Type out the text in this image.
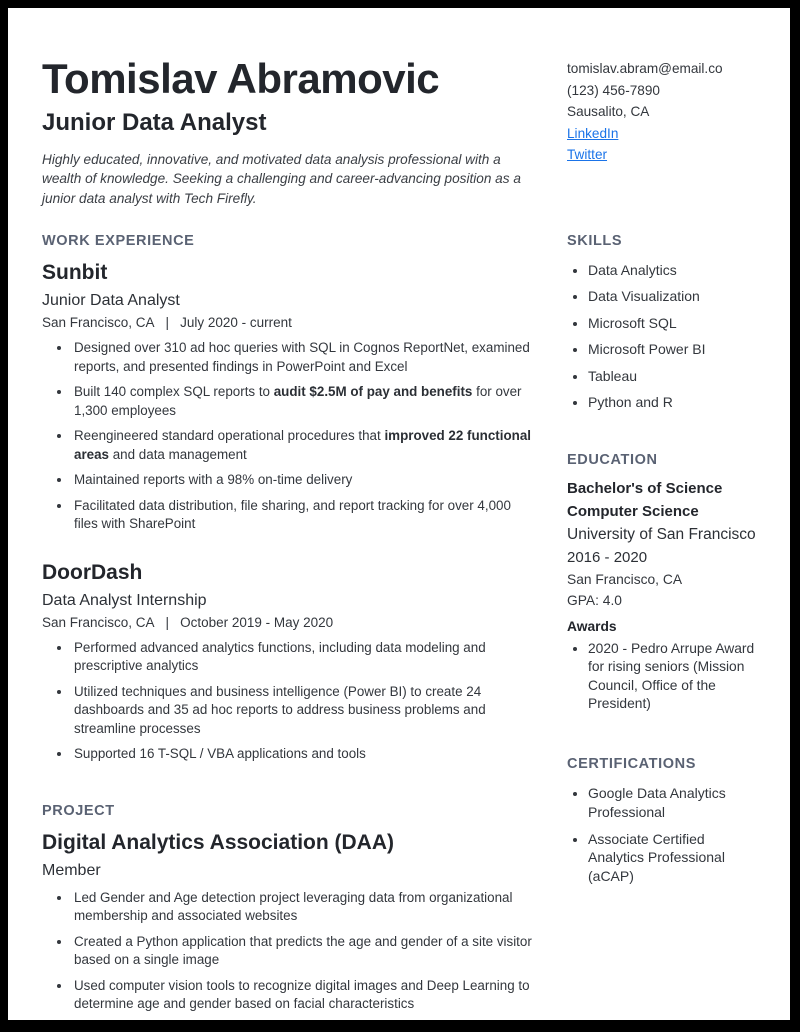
Tomislav Abramovic
Junior Data Analyst

Highly educated, innovative, and motivated data analysis professional with a wealth of knowledge. Seeking a challenging and career-advancing position as a junior data analyst with Tech Firefly.

WORK EXPERIENCE
Sunbit
Junior Data Analyst
San Francisco, CA | July 2020 - current
• Designed over 310 ad hoc queries with SQL in Cognos ReportNet, examined reports, and presented findings in PowerPoint and Excel
• Built 140 complex SQL reports to audit $2.5M of pay and benefits for over 1,300 employees
• Reengineered standard operational procedures that improved 22 functional areas and data management
• Maintained reports with a 98% on-time delivery
• Facilitated data distribution, file sharing, and report tracking for over 4,000 files with SharePoint
DoorDash
Data Analyst Internship
San Francisco, CA | October 2019 - May 2020
• Performed advanced analytics functions, including data modeling and prescriptive analytics
• Utilized techniques and business intelligence (Power BI) to create 24 dashboards and 35 ad hoc reports to address business problems and streamline processes
• Supported 16 T-SQL / VBA applications and tools
PROJECT
Digital Analytics Association (DAA)
Member
• Led Gender and Age detection project leveraging data from organizational membership and associated websites
• Created a Python application that predicts the age and gender of a site visitor based on a single image
• Used computer vision tools to recognize digital images and Deep Learning to determine age and gender based on facial characteristics
tomislav.abram@email.co
(123) 456-7890
Sausalito, CA
LinkedIn
Twitter
SKILLS
• Data Analytics
• Data Visualization
• Microsoft SQL
• Microsoft Power BI
• Tableau
• Python and R
EDUCATION
Bachelor's of Science
Computer Science
University of San Francisco
2016 - 2020
San Francisco, CA
GPA: 4.0
Awards
• 2020 - Pedro Arrupe Award for rising seniors (Mission Council, Office of the President)
CERTIFICATIONS
• Google Data Analytics Professional
• Associate Certified Analytics Professional (aCAP)
